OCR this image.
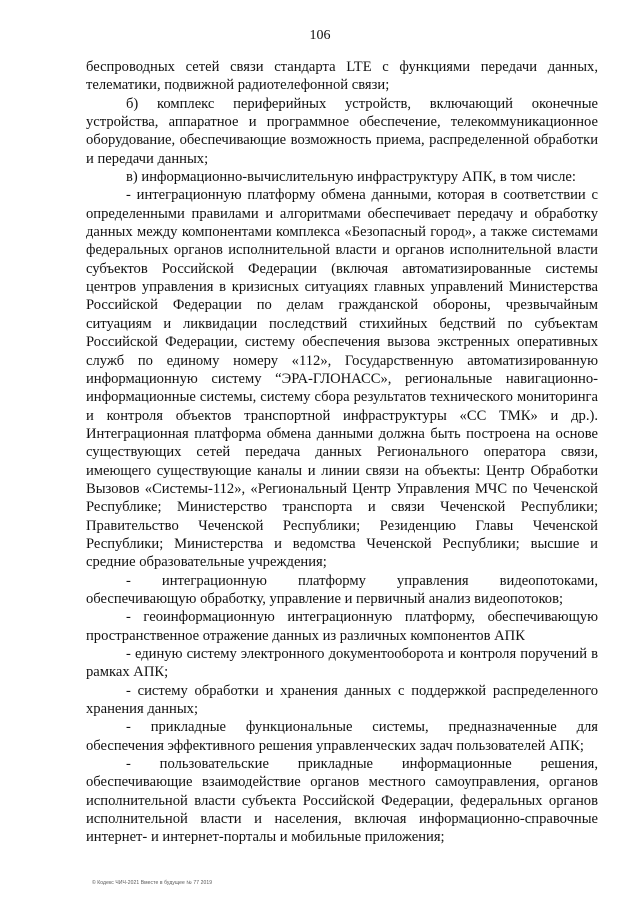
106

беспроводных сетей связи стандарта LTE с функциями передачи данных, телематики, подвижной радиотелефонной связи;

б) комплекс периферийных устройств, включающий оконечные устройства, аппаратное и программное обеспечение, телекоммуникационное оборудование, обеспечивающие возможность приема, распределенной обработки и передачи данных;

в) информационно-вычислительную инфраструктуру АПК, в том числе:

- интеграционную платформу обмена данными, которая в соответствии с определенными правилами и алгоритмами обеспечивает передачу и обработку данных между компонентами комплекса «Безопасный город», а также системами федеральных органов исполнительной власти и органов исполнительной власти субъектов Российской Федерации (включая автоматизированные системы центров управления в кризисных ситуациях главных управлений Министерства Российской Федерации по делам гражданской обороны, чрезвычайным ситуациям и ликвидации последствий стихийных бедствий по субъектам Российской Федерации, систему обеспечения вызова экстренных оперативных служб по единому номеру «112», Государственную автоматизированную информационную систему “ЭРА-ГЛОНАСС», региональные навигационно-информационные системы, систему сбора результатов технического мониторинга и контроля объектов транспортной инфраструктуры «СС ТМК» и др.). Интеграционная платформа обмена данными должна быть построена на основе существующих сетей передача данных Регионального оператора связи, имеющего существующие каналы и линии связи на объекты: Центр Обработки Вызовов «Системы-112», «Региональный Центр Управления МЧС по Чеченской Республике; Министерство транспорта и связи Чеченской Республики; Правительство Чеченской Республики; Резиденцию Главы Чеченской Республики; Министерства и ведомства Чеченской Республики; высшие и средние образовательные учреждения;

- интеграционную платформу управления видеопотоками, обеспечивающую обработку, управление и первичный анализ видеопотоков;

- геоинформационную интеграционную платформу, обеспечивающую пространственное отражение данных из различных компонентов АПК

- единую систему электронного документооборота и контроля поручений в рамках АПК;

- систему обработки и хранения данных с поддержкой распределенного хранения данных;

- прикладные функциональные системы, предназначенные для обеспечения эффективного решения управленческих задач пользователей АПК;

- пользовательские прикладные информационные решения, обеспечивающие взаимодействие органов местного самоуправления, органов исполнительной власти субъекта Российской Федерации, федеральных органов исполнительной власти и населения, включая информационно-справочные интернет- и интернет-порталы и мобильные приложения;

© Кодекс ЧИЧ-2021 Вместе в будущее № 77 2019
